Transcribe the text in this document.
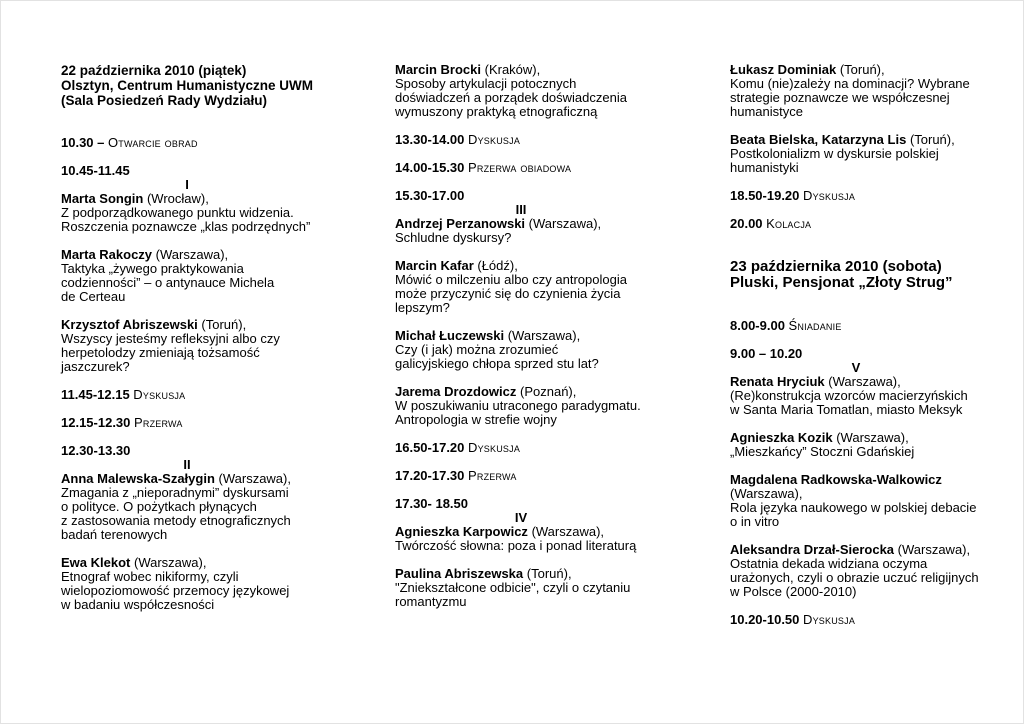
22 października 2010 (piątek)
Olsztyn, Centrum Humanistyczne UWM
(Sala Posiedzeń Rady Wydziału)
10.30 – Otwarcie obrad
10.45-11.45
I
Marta Songin (Wrocław),
Z podporządkowanego punktu widzenia.
Roszczenia poznawcze „klas podrzędnych”
Marta Rakoczy (Warszawa),
Taktyka „żywego praktykowania
codzienności” – o antynauce Michela
de Certeau
Krzysztof Abriszewski (Toruń),
Wszyscy jesteśmy refleksyjni albo czy
herpetolodzy zmieniają tożsamość
jaszczurek?
11.45-12.15 Dyskusja
12.15-12.30 Przerwa
12.30-13.30
II
Anna Malewska-Szałygin (Warszawa),
Zmagania z „nieporadnymi” dyskursami
o polityce. O pożytkach płynących
z zastosowania metody etnograficznych
badań terenowych
Ewa Klekot (Warszawa),
Etnograf wobec nikiformy, czyli
wielopoziomowość przemocy językowej
w badaniu współczesności
Marcin Brocki (Kraków),
Sposoby artykulacji potocznych
doświadczeń a porządek doświadczenia
wymuszony praktyką etnograficzną
13.30-14.00 Dyskusja
14.00-15.30 Przerwa obiadowa
15.30-17.00
III
Andrzej Perzanowski (Warszawa),
Schludne dyskursy?
Marcin Kafar (Łódź),
Mówić o milczeniu albo czy antropologia
może przyczynić się do czynienia życia
lepszym?
Michał Łuczewski (Warszawa),
Czy (i jak) można zrozumieć
galicyjskiego chłopa sprzed stu lat?
Jarema Drozdowicz (Poznań),
W poszukiwaniu utraconego paradygmatu.
Antropologia w strefie wojny
16.50-17.20 Dyskusja
17.20-17.30 Przerwa
17.30- 18.50
IV
Agnieszka Karpowicz (Warszawa),
Twórczość słowna: poza i ponad literaturą
Paulina Abriszewska (Toruń),
"Zniekształcone odbicie", czyli o czytaniu
romantyzmu
Łukasz Dominiak (Toruń),
Komu (nie)zależy na dominacji? Wybrane
strategie poznawcze we współczesnej
humanistyce
Beata Bielska, Katarzyna Lis (Toruń),
Postkolonializm w dyskursie polskiej
humanistyki
18.50-19.20 Dyskusja
20.00 Kolacja
23 października 2010 (sobota)
Pluski, Pensjonat „Złoty Strug”
8.00-9.00 Śniadanie
9.00 – 10.20
V
Renata Hryciuk (Warszawa),
(Re)konstrukcja wzorców macierzyńskich
w Santa Maria Tomatlan, miasto Meksyk
Agnieszka Kozik (Warszawa),
„Mieszkańcy” Stoczni Gdańskiej
Magdalena Radkowska-Walkowicz
(Warszawa),
Rola języka naukowego w polskiej debacie
o in vitro
Aleksandra Drzał-Sierocka (Warszawa),
Ostatnia dekada widziana oczyma
urażonych, czyli o obrazie uczuć religijnych
w Polsce (2000-2010)
10.20-10.50 Dyskusja
